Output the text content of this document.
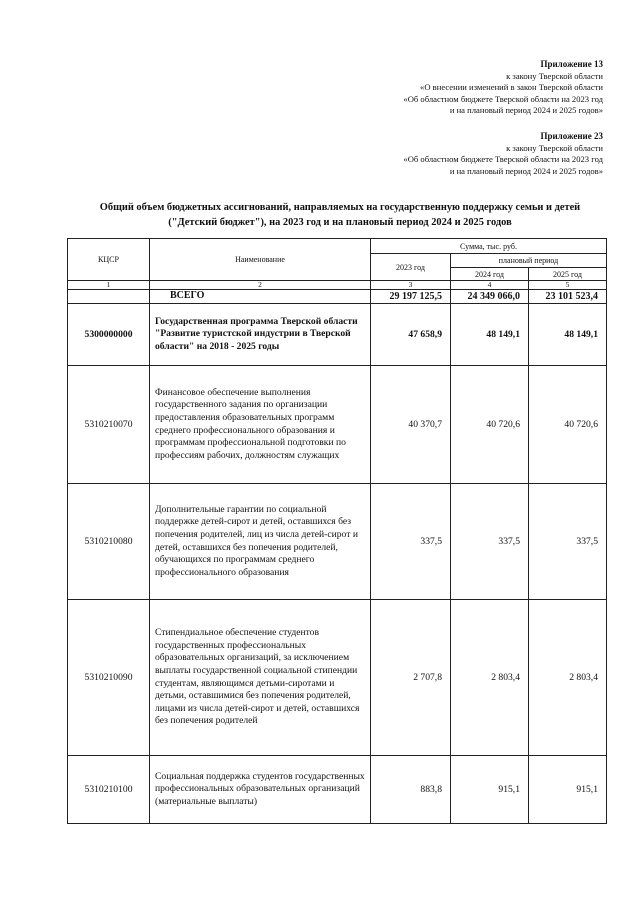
Приложение 13
к закону Тверской области
«О внесении изменений в закон Тверской области
«Об областном бюджете Тверской области на 2023 год
и на плановый период 2024 и 2025 годов»
Приложение 23
к закону Тверской области
«Об областном бюджете Тверской области на 2023 год
и на плановый период 2024 и 2025 годов»
Общий объем бюджетных ассигнований, направляемых на государственную поддержку семьи и детей
("Детский бюджет"), на 2023 год и на плановый период 2024 и 2025 годов
КЦСР	Наименование	Сумма, тыс. руб.		
		2023 год	плановый период	
			2024 год	2025 год
1	2	3	4	5
	ВСЕГО	29 197 125,5	24 349 066,0	23 101 523,4
5300000000	Государственная программа Тверской области "Развитие туристской индустрии в Тверской области" на 2018 - 2025 годы	47 658,9	48 149,1	48 149,1
5310210070	Финансовое обеспечение выполнения государственного задания по организации предоставления образовательных программ среднего профессионального образования и программам профессиональной подготовки по профессиям рабочих, должностям служащих	40 370,7	40 720,6	40 720,6
5310210080	Дополнительные гарантии по социальной поддержке детей-сирот и детей, оставшихся без попечения родителей, лиц из числа детей-сирот и детей, оставшихся без попечения родителей, обучающихся по программам среднего профессионального образования	337,5	337,5	337,5
5310210090	Стипендиальное обеспечение студентов государственных профессиональных образовательных организаций, за исключением выплаты государственной социальной стипендии студентам, являющимся детьми-сиротами и детьми, оставшимися без попечения родителей, лицами из числа детей-сирот и детей, оставшихся без попечения родителей	2 707,8	2 803,4	2 803,4
5310210100	Социальная поддержка студентов государственных профессиональных образовательных организаций (материальные выплаты)	883,8	915,1	915,1
